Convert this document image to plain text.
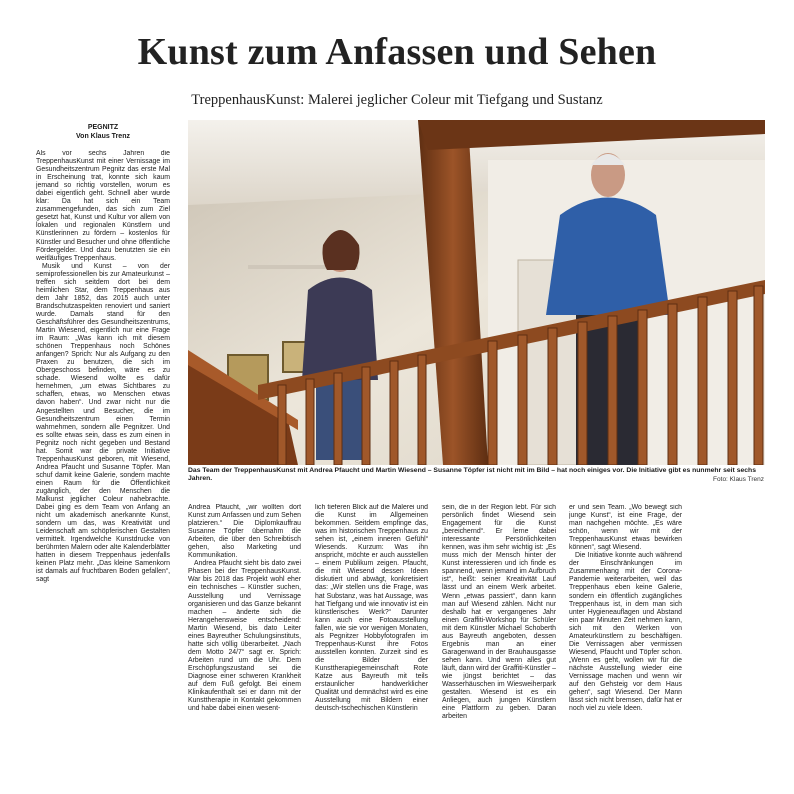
Kunst zum Anfassen und Sehen
TreppenhausKunst: Malerei jeglicher Coleur mit Tiefgang und Sustanz
PEGNITZ
Von Klaus Trenz

Als vor sechs Jahren die TreppenhausKunst mit einer Vernissage im Gesundheitszentrum Pegnitz das erste Mal in Erscheinung trat, konnte sich kaum jemand so richtig vorstellen, worum es dabei eigentlich geht. Schnell aber wurde klar: Da hat sich ein Team zusammengefunden, das sich zum Ziel gesetzt hat, Kunst und Kultur vor allem von lokalen und regionalen Künstlern und Künstlerinnen zu fördern – kostenlos für Künstler und Besucher und ohne öffentliche Fördergelder. Und dazu benutzten sie ein weitläufiges Treppenhaus.

Musik und Kunst – von der semiprofessionellen bis zur Amateurkunst – treffen sich seitdem dort bei dem heimlichen Star, dem Treppenhaus aus dem Jahr 1852, das 2015 auch unter Brandschutzaspekten renoviert und saniert wurde. Damals stand für den Geschäftsführer des Gesundheitszentrums, Martin Wiesend, eigentlich nur eine Frage im Raum: „Was kann ich mit diesem schönen Treppenhaus noch Schönes anfangen? Sprich: Nur als Aufgang zu den Praxen zu benutzen, die sich im Obergeschoss befinden, wäre es zu schade. Wiesend wollte es dafür hernehmen, „um etwas Sichtbares zu schaffen, etwas, wo Menschen etwas davon haben“. Und zwar nicht nur die Angestellten und Besucher, die im Gesundheitszentrum einen Termin wahrnehmen, sondern alle Pegnitzer. Und es sollte etwas sein, dass es zum einen in Pegnitz noch nicht gegeben und Bestand hat. Somit war die private Initiative TreppenhausKunst geboren, mit Wiesend, Andrea Pfaucht und Susanne Töpfer. Man schuf damit keine Galerie, sondern machte einen Raum für die Öffentlichkeit zugänglich, der den Menschen die Malkunst jeglicher Coleur nahebrachte. Dabei ging es dem Team von Anfang an nicht um akademisch anerkannte Kunst, sondern um das, was Kreativität und Leidenschaft am schöpferischen Gestalten vermittelt. Irgendwelche Kunstdrucke von berühmten Malern oder alte Kalenderblätter hatten in diesem Treppenhaus jedenfalls keinen Platz mehr. „Das kleine Samenkorn ist damals auf fruchtbaren Boden gefallen“, sagt

Das Team der TreppenhausKunst mit Andrea Pfaucht und Martin Wiesend – Susanne Töpfer ist nicht mit im Bild – hat noch einiges vor. Die Initiative gibt es nunmehr seit sechs Jahren.	Foto: Klaus Trenz

Andrea Pfaucht, „wir wollten dort Kunst zum Anfassen und zum Sehen platzieren.“ Die Diplomkauffrau Susanne Töpfer übernahm die Arbeiten, die über den Schreibtisch gehen, also Marketing und Kommunikation.

Andrea Pfaucht sieht bis dato zwei Phasen bei der TreppenhausKunst. War bis 2018 das Projekt wohl eher ein technisches – Künstler suchen, Ausstellung und Vernissage organisieren und das Ganze bekannt machen – änderte sich die Herangehensweise entscheidend: Martin Wiesend, bis dato Leiter eines Bayreuther Schulungsinstituts, hatte sich völlig überarbeitet. „Nach dem Motto 24/7“ sagt er. Sprich: Arbeiten rund um die Uhr. Dem Erschöpfungszustand sei die Diagnose einer schweren Krankheit auf dem Fuß gefolgt. Bei einem Klinikaufenthalt sei er dann mit der Kunsttherapie in Kontakt gekommen und habe dabei einen wesent-

lich tieferen Blick auf die Malerei und die Kunst im Allgemeinen bekommen. Seitdem empfinge das, was im historischen Treppenhaus zu sehen ist, „einem inneren Gefühl“ Wiesends. Kurzum: Was ihn anspricht, möchte er auch ausstellen – einem Publikum zeigen. Pfaucht, die mit Wiesend dessen Ideen diskutiert und abwägt, konkretisiert das: „Wir stellen uns die Frage, was hat Substanz, was hat Aussage, was hat Tiefgang und wie innovativ ist ein künstlerisches Werk?“ Darunter kann auch eine Fotoausstellung fallen, wie sie vor wenigen Monaten, als Pegnitzer Hobbyfotografen im Treppenhaus-Kunst ihre Fotos ausstellen konnten. Zurzeit sind es die Bilder der Kunsttherapiegemeinschaft Rote Katze aus Bayreuth mit teils erstaunlicher handwerklicher Qualität und demnächst wird es eine Ausstellung mit Bildern einer deutsch-tschechischen Künstlerin

sein, die in der Region lebt. Für sich persönlich findet Wiesend sein Engagement für die Kunst „bereichernd“. Er lerne dabei interessante Persönlichkeiten kennen, was ihm sehr wichtig ist: „Es muss mich der Mensch hinter der Kunst interessieren und ich finde es spannend, wenn jemand im Aufbruch ist“, heißt: seiner Kreativität Lauf lässt und an einem Werk arbeitet. Wenn „etwas passiert“, dann kann man auf Wiesend zählen. Nicht nur deshalb hat er vergangenes Jahr einen Graffiti-Workshop für Schüler mit dem Künstler Michael Schoberth aus Bayreuth angeboten, dessen Ergebnis man an einer Garagenwand in der Brauhausgasse sehen kann. Und wenn alles gut läuft, dann wird der Graffiti-Künstler – wie jüngst berichtet – das Wasserhäuschen im Wiesweiherpark gestalten. Wiesend ist es ein Anliegen, auch jungen Künstlern eine Plattform zu geben. Daran arbeiten

er und sein Team. „Wo bewegt sich junge Kunst“, ist eine Frage, der man nachgehen möchte. „Es wäre schön, wenn wir mit der TreppenhausKunst etwas bewirken können“, sagt Wiesend.

Die Initiative konnte auch während der Einschränkungen im Zusammenhang mit der Corona-Pandemie weiterarbeiten, weil das Treppenhaus eben keine Galerie, sondern ein öffentlich zugängliches Treppenhaus ist, in dem man sich unter Hygieneauflagen und Abstand ein paar Minuten Zeit nehmen kann, sich mit den Werken von Amateurkünstlern zu beschäftigen. Die Vernissagen aber vermissen Wiesend, Pfaucht und Töpfer schon. „Wenn es geht, wollen wir für die nächste Ausstellung wieder eine Vernissage machen und wenn wir auf den Gehsteig vor dem Haus gehen“, sagt Wiesend. Der Mann lässt sich nicht bremsen, dafür hat er noch viel zu viele Ideen.
